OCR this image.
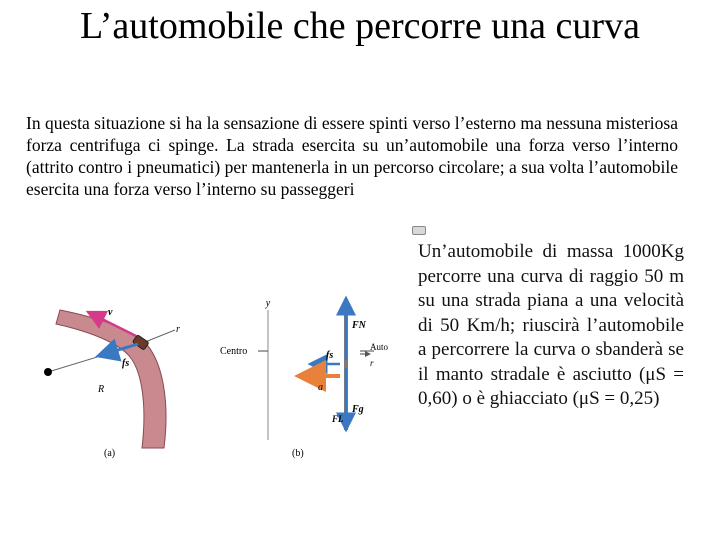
L’automobile che percorre una curva

In questa situazione si ha la sensazione di essere spinti verso l’esterno ma nessuna misteriosa forza centrifuga ci spinge. La strada esercita su un’automobile una forza verso l’interno (attrito contro i pneumatici) per mantenerla in un percorso circolare; a sua volta l’automobile esercita una forza verso l’interno su passeggeri

Un’automobile di massa 1000Kg percorre una curva di raggio 50 m su una strada piana a una velocità di 50 Km/h; riuscirà l’automobile a percorrere la curva o sbanderà se il manto stradale è asciutto (μS = 0,60) o è ghiacciato (μS = 0,25)

v
r
fs
R
(a)
y
Centro	Auto
r
FN
fs
a
Fg
FL
(b)
